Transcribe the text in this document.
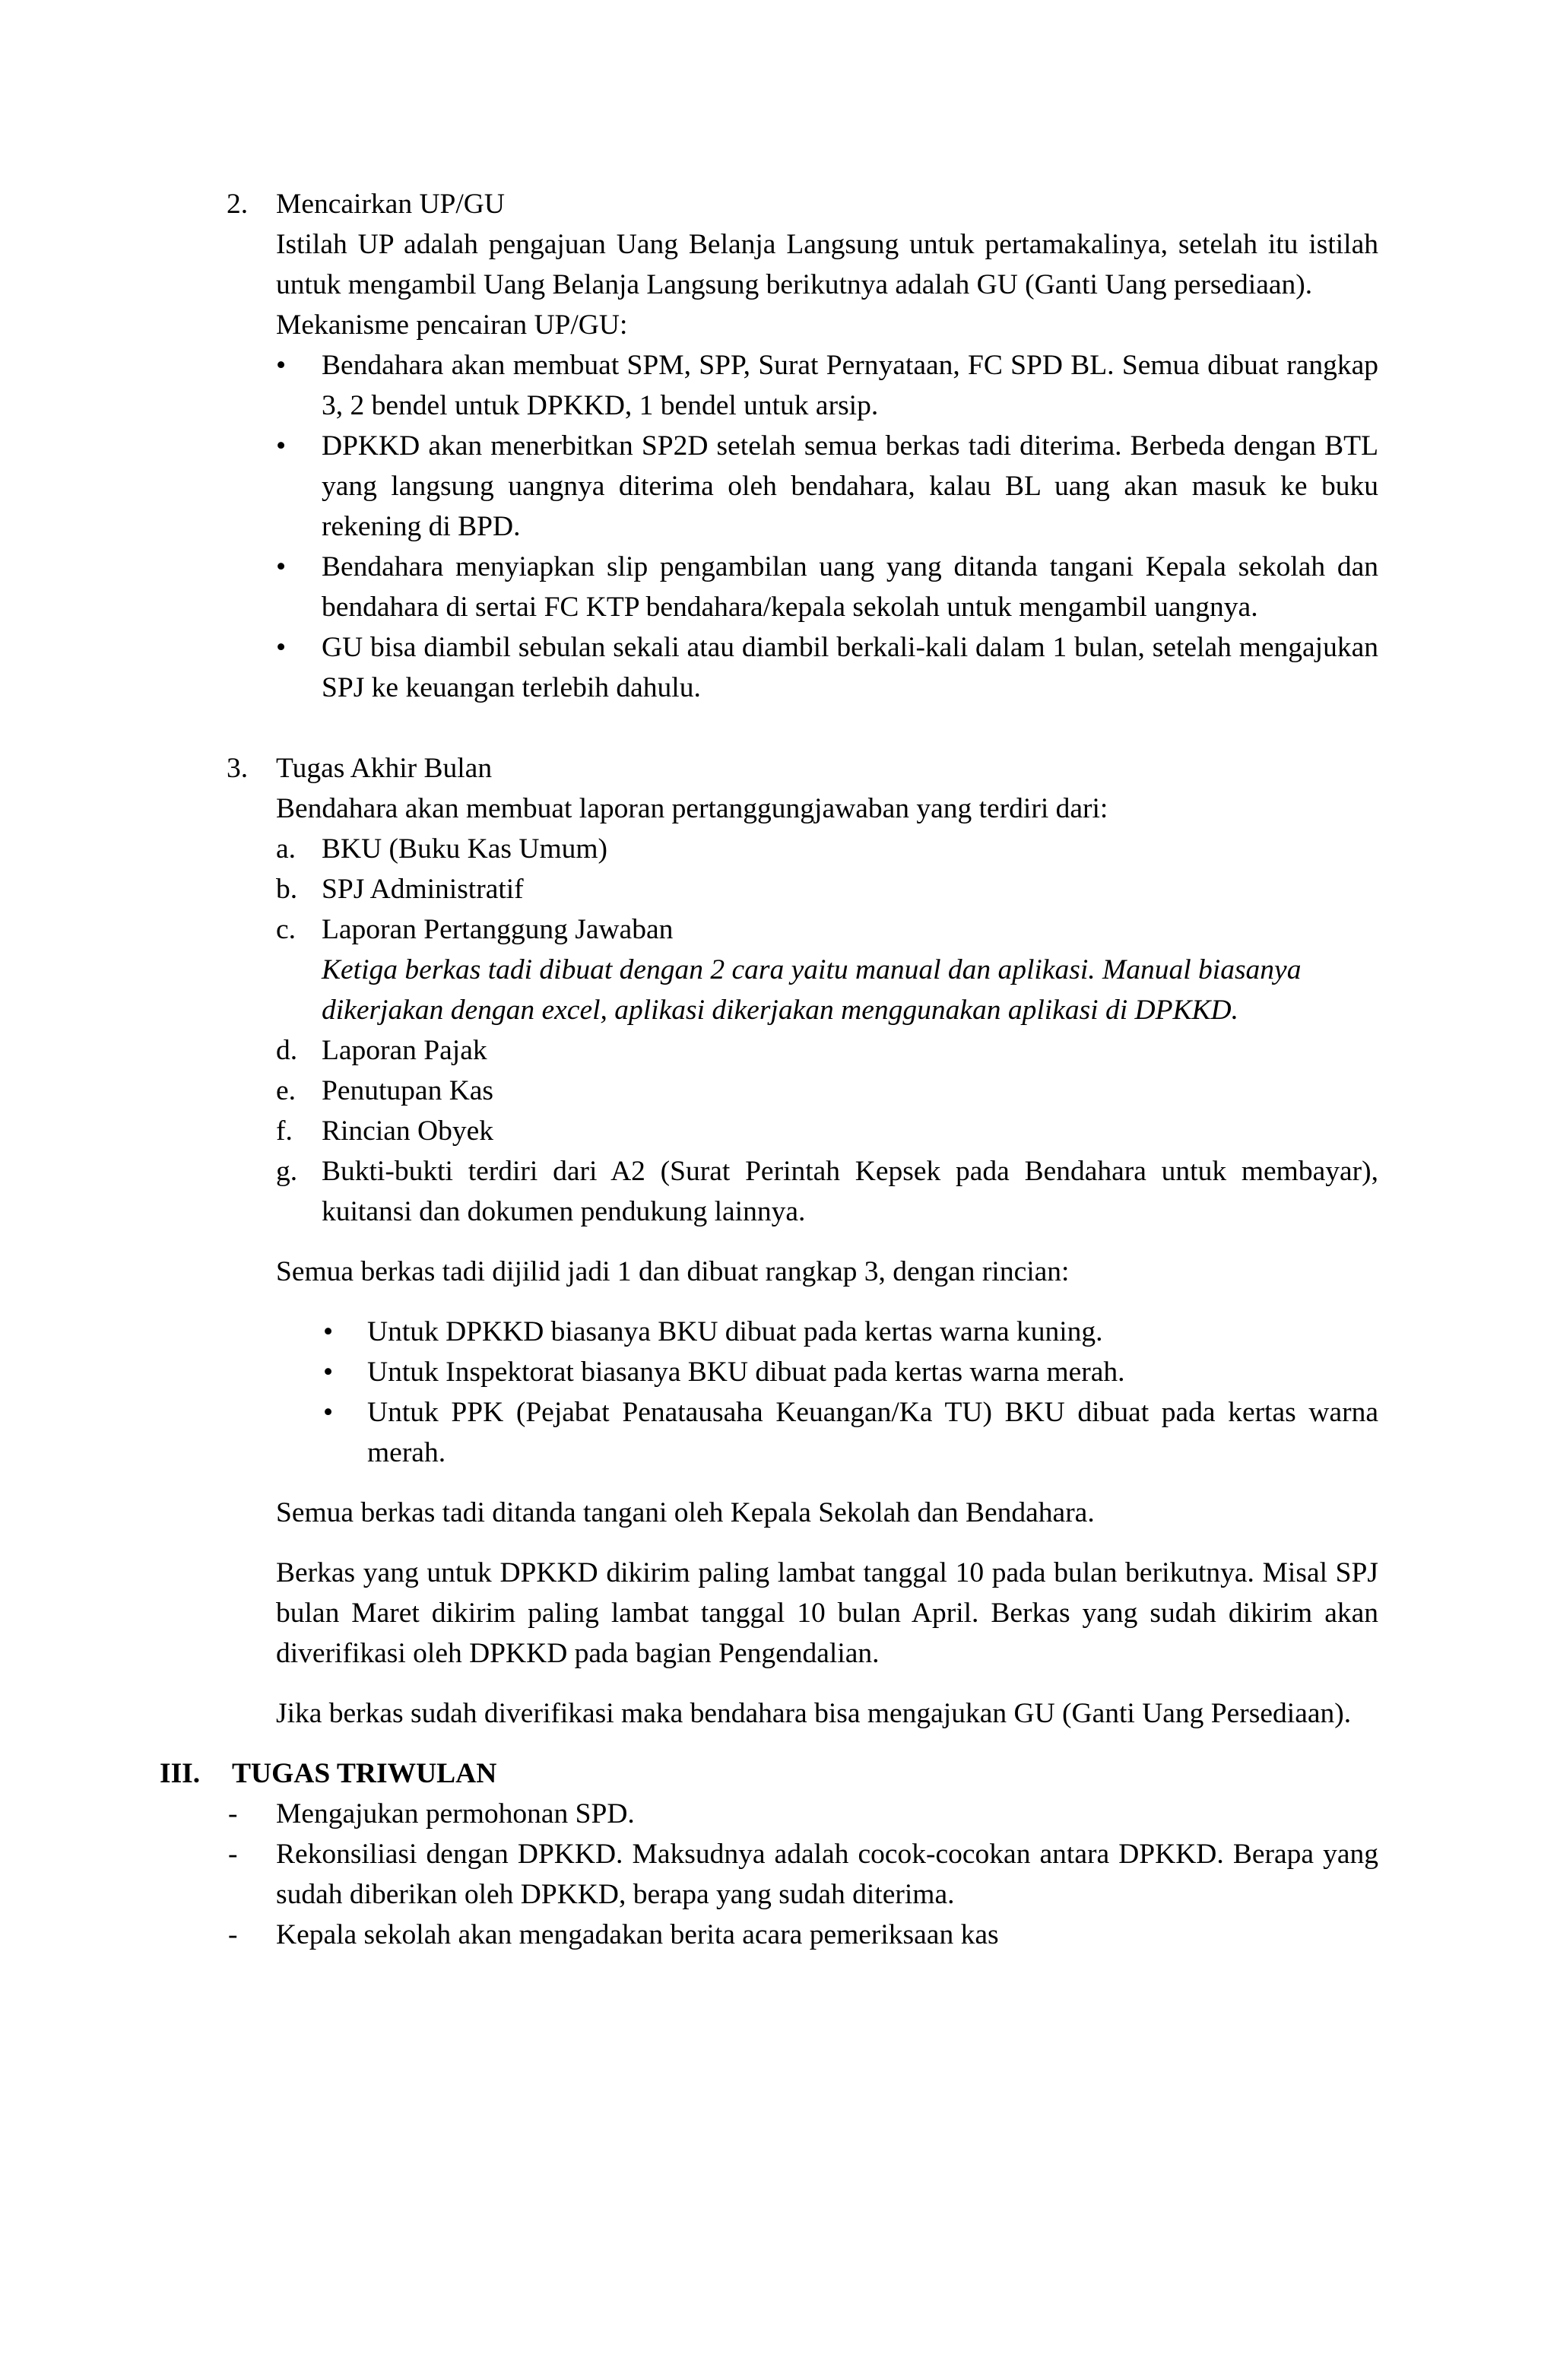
2. Mencairkan UP/GU

Istilah UP adalah pengajuan Uang Belanja Langsung untuk pertamakalinya, setelah itu istilah untuk mengambil Uang Belanja Langsung berikutnya adalah GU (Ganti Uang persediaan).

Mekanisme pencairan UP/GU:

•	Bendahara akan membuat SPM, SPP, Surat Pernyataan, FC SPD BL. Semua dibuat rangkap 3, 2 bendel untuk DPKKD, 1 bendel untuk arsip.

•	DPKKD akan menerbitkan SP2D setelah semua berkas tadi diterima. Berbeda dengan BTL yang langsung uangnya diterima oleh bendahara, kalau BL uang akan masuk ke buku rekening di BPD.

•	Bendahara menyiapkan slip pengambilan uang yang ditanda tangani Kepala sekolah dan bendahara di sertai FC KTP bendahara/kepala sekolah untuk mengambil uangnya.

•	GU bisa diambil sebulan sekali atau diambil berkali-kali dalam 1 bulan, setelah mengajukan SPJ ke keuangan terlebih dahulu.

3. Tugas Akhir Bulan

Bendahara akan membuat laporan pertanggungjawaban yang terdiri dari:

a. BKU (Buku Kas Umum)

b. SPJ Administratif

c. Laporan Pertanggung Jawaban

Ketiga berkas tadi dibuat dengan 2 cara yaitu manual dan aplikasi. Manual biasanya dikerjakan dengan excel, aplikasi dikerjakan menggunakan aplikasi di DPKKD.

d. Laporan Pajak

e. Penutupan Kas

f.	Rincian Obyek

g. Bukti-bukti terdiri dari A2 (Surat Perintah Kepsek pada Bendahara untuk membayar), kuitansi dan dokumen pendukung lainnya.

Semua berkas tadi dijilid jadi 1 dan dibuat rangkap 3, dengan rincian:

•	Untuk DPKKD biasanya BKU dibuat pada kertas warna kuning.

•	Untuk Inspektorat biasanya BKU dibuat pada kertas warna merah.

•	Untuk PPK (Pejabat Penatausaha Keuangan/Ka TU) BKU dibuat pada kertas warna merah.

Semua berkas tadi ditanda tangani oleh Kepala Sekolah dan Bendahara.

Berkas yang untuk DPKKD dikirim paling lambat tanggal 10 pada bulan berikutnya. Misal SPJ bulan Maret dikirim paling lambat tanggal 10 bulan April. Berkas yang sudah dikirim akan diverifikasi oleh DPKKD pada bagian Pengendalian.

Jika berkas sudah diverifikasi maka bendahara bisa mengajukan GU (Ganti Uang Persediaan).

III. TUGAS TRIWULAN

- Mengajukan permohonan SPD.

- Rekonsiliasi dengan DPKKD. Maksudnya adalah cocok-cocokan antara DPKKD. Berapa yang sudah diberikan oleh DPKKD, berapa yang sudah diterima.

- Kepala sekolah akan mengadakan berita acara pemeriksaan kas
